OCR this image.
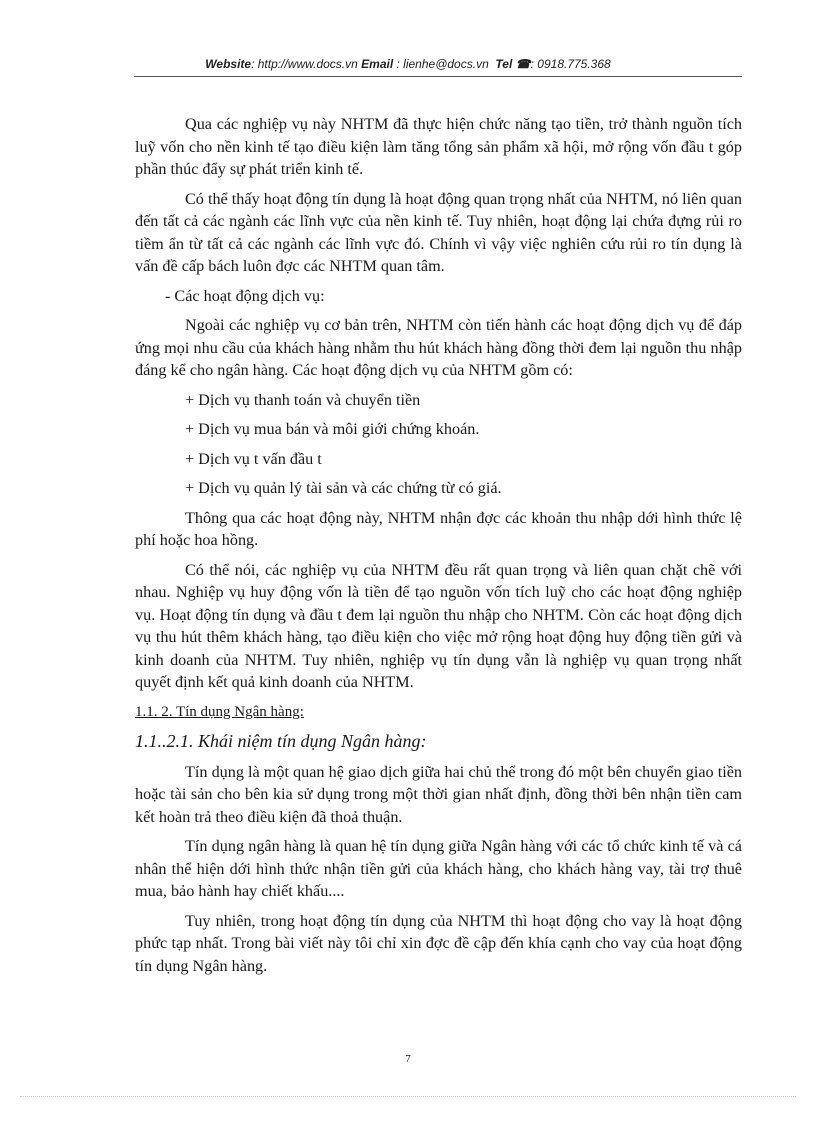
Website: http://www.docs.vn Email : lienhe@docs.vn Tel ☎: 0918.775.368

Qua các nghiệp vụ này NHTM đã thực hiện chức năng tạo tiền, trở thành nguồn tích luỹ vốn cho nền kinh tế tạo điều kiện làm tăng tổng sản phẩm xã hội, mở rộng vốn đầu t góp phần thúc đẩy sự phát triển kinh tế.

Có thể thấy hoạt động tín dụng là hoạt động quan trọng nhất của NHTM, nó liên quan đến tất cả các ngành các lĩnh vực của nền kinh tế. Tuy nhiên, hoạt động lại chứa đựng rủi ro tiềm ẩn từ tất cả các ngành các lĩnh vực đó. Chính vì vậy việc nghiên cứu rủi ro tín dụng là vấn đề cấp bách luôn đợc các NHTM quan tâm.

- Các hoạt động dịch vụ:

Ngoài các nghiệp vụ cơ bản trên, NHTM còn tiến hành các hoạt động dịch vụ để đáp ứng mọi nhu cầu của khách hàng nhằm thu hút khách hàng đồng thời đem lại nguồn thu nhập đáng kể cho ngân hàng. Các hoạt động dịch vụ của NHTM gồm có:

+ Dịch vụ thanh toán và chuyển tiền

+ Dịch vụ mua bán và môi giới chứng khoán.

+ Dịch vụ t vấn đầu t

+ Dịch vụ quản lý tài sản và các chứng từ có giá.

Thông qua các hoạt động này, NHTM nhận đợc các khoản thu nhập dới hình thức lệ phí hoặc hoa hồng.

Có thể nói, các nghiệp vụ của NHTM đều rất quan trọng và liên quan chặt chẽ với nhau. Nghiệp vụ huy động vốn là tiền để tạo nguồn vốn tích luỹ cho các hoạt động nghiệp vụ. Hoạt động tín dụng và đầu t đem lại nguồn thu nhập cho NHTM. Còn các hoạt động dịch vụ thu hút thêm khách hàng, tạo điều kiện cho việc mở rộng hoạt động huy động tiền gửi và kinh doanh của NHTM. Tuy nhiên, nghiệp vụ tín dụng vẫn là nghiệp vụ quan trọng nhất quyết định kết quả kinh doanh của NHTM.

1.1. 2. Tín dụng Ngân hàng:

1.1..2.1. Khái niệm tín dụng Ngân hàng:

Tín dụng là một quan hệ giao dịch giữa hai chủ thể trong đó một bên chuyển giao tiền hoặc tài sản cho bên kia sử dụng trong một thời gian nhất định, đồng thời bên nhận tiền cam kết hoàn trả theo điều kiện đã thoả thuận.

Tín dụng ngân hàng là quan hệ tín dụng giữa Ngân hàng với các tổ chức kinh tế và cá nhân thể hiện dới hình thức nhận tiền gửi của khách hàng, cho khách hàng vay, tài trợ thuê mua, bảo hành hay chiết khấu....

Tuy nhiên, trong hoạt động tín dụng của NHTM thì hoạt động cho vay là hoạt động phức tạp nhất. Trong bài viết này tôi chỉ xin đợc đề cập đến khía cạnh cho vay của hoạt động tín dụng Ngân hàng.

7
